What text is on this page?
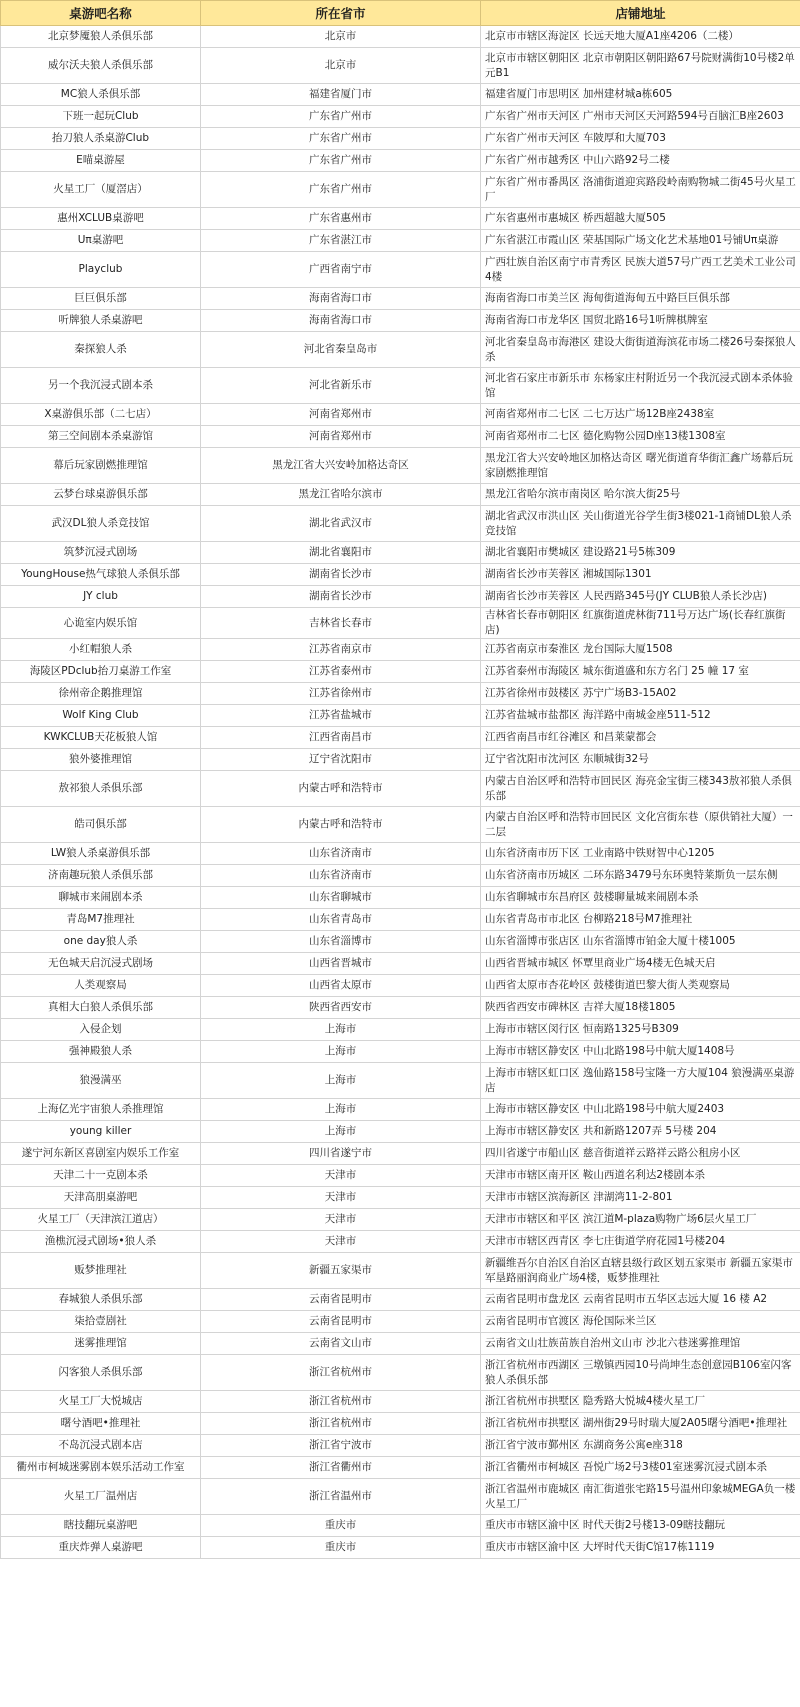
桌游吧名称	所在省市	店铺地址
北京梦魇狼人杀俱乐部	北京市	北京市市辖区海淀区 长远天地大厦A1座4206（二楼）
威尔沃夫狼人杀俱乐部	北京市	北京市市辖区朝阳区 北京市朝阳区朝阳路67号院财满街10号楼2单元B1
MC狼人杀俱乐部	福建省厦门市	福建省厦门市思明区 加州建材城a栋605
下班一起玩Club	广东省广州市	广东省广州市天河区 广州市天河区天河路594号百脑汇B座2603
抬刀狼人杀桌游Club	广东省广州市	广东省广州市天河区 车陂厚和大厦703
E喵桌游屋	广东省广州市	广东省广州市越秀区 中山六路92号二楼
火星工厂（厦滘店）	广东省广州市	广东省广州市番禺区 洛浦街道迎宾路段岭南购物城二街45号火星工厂
惠州XCLUB桌游吧	广东省惠州市	广东省惠州市惠城区 桥西超越大厦505
Uπ桌游吧	广东省湛江市	广东省湛江市霞山区 荣基国际广场文化艺术基地01号铺Uπ桌游
Playclub	广西省南宁市	广西壮族自治区南宁市青秀区 民族大道57号广西工艺美术工业公司4楼
巨巨俱乐部	海南省海口市	海南省海口市美兰区 海甸街道海甸五中路巨巨俱乐部
听牌狼人杀桌游吧	海南省海口市	海南省海口市龙华区 国贸北路16号1听牌棋牌室
秦探狼人杀	河北省秦皇岛市	河北省秦皇岛市海港区 建设大街街道海滨花市场二楼26号秦探狼人杀
另一个我沉浸式剧本杀	河北省新乐市	河北省石家庄市新乐市 东杨家庄村附近另一个我沉浸式剧本杀体验馆
X桌游俱乐部（二七店）	河南省郑州市	河南省郑州市二七区 二七万达广场12B座2438室
第三空间剧本杀桌游馆	河南省郑州市	河南省郑州市二七区 德化购物公园D座13楼1308室
幕后玩家剧燃推理馆	黑龙江省大兴安岭加格达奇区	黑龙江省大兴安岭地区加格达奇区 曙光街道育华街汇鑫广场幕后玩家剧燃推理馆
云梦台球桌游俱乐部	黑龙江省哈尔滨市	黑龙江省哈尔滨市南岗区 哈尔滨大街25号
武汉DL狼人杀竞技馆	湖北省武汉市	湖北省武汉市洪山区 关山街道光谷学生街3楼021-1商铺DL狼人杀竞技馆
筑梦沉浸式剧场	湖北省襄阳市	湖北省襄阳市樊城区 建设路21号5栋309
YoungHouse热气球狼人杀俱乐部	湖南省长沙市	湖南省长沙市芙蓉区 湘城国际1301
JY club	湖南省长沙市	湖南省长沙市芙蓉区 人民西路345号(JY CLUB狼人杀长沙店)
心诡室内娱乐馆	吉林省长春市	吉林省长春市朝阳区 红旗街道虎林街711号万达广场(长春红旗街店)
小红帽狼人杀	江苏省南京市	江苏省南京市秦淮区 龙台国际大厦1508
海陵区PDclub抬刀桌游工作室	江苏省泰州市	江苏省泰州市海陵区 城东街道盛和东方名门 25 幢 17 室
徐州帝企鹅推理馆	江苏省徐州市	江苏省徐州市鼓楼区 苏宁广场B3-15A02
Wolf King Club	江苏省盐城市	江苏省盐城市盐都区 海洋路中南城金座511-512
KWKCLUB天花板狼人馆	江西省南昌市	江西省南昌市红谷滩区 和昌莱蒙都会
狼外婆推理馆	辽宁省沈阳市	辽宁省沈阳市沈河区 东顺城街32号
敖祁狼人杀俱乐部	内蒙古呼和浩特市	内蒙古自治区呼和浩特市回民区 海亮金宝街三楼343敖祁狼人杀俱乐部
皓司俱乐部	内蒙古呼和浩特市	内蒙古自治区呼和浩特市回民区 文化宫街东巷（原供销社大厦）一二层
LW狼人杀桌游俱乐部	山东省济南市	山东省济南市历下区 工业南路中铁财智中心1205
济南趣玩狼人杀俱乐部	山东省济南市	山东省济南市历城区 二环东路3479号东环奥特莱斯负一层东侧
聊城市来闹剧本杀	山东省聊城市	山东省聊城市东昌府区 鼓楼聊量城来闹剧本杀
青岛M7推理社	山东省青岛市	山东省青岛市市北区 台柳路218号M7推理社
one day狼人杀	山东省淄博市	山东省淄博市张店区 山东省淄博市铂金大厦十楼1005
无色城天启沉浸式剧场	山西省晋城市	山西省晋城市城区 怀覃里商业广场4楼无色城天启
人类观察局	山西省太原市	山西省太原市杏花岭区 鼓楼街道巴黎大街人类观察局
真相大白狼人杀俱乐部	陕西省西安市	陕西省西安市碑林区 吉祥大厦18楼1805
入侵企划	上海市	上海市市辖区闵行区 恒南路1325号B309
强神殿狼人杀	上海市	上海市市辖区静安区 中山北路198号中航大厦1408号
狼漫满巫	上海市	上海市市辖区虹口区 逸仙路158号宝隆一方大厦104 狼漫满巫桌游店
上海亿光宇宙狼人杀推理馆	上海市	上海市市辖区静安区 中山北路198号中航大厦2403
young killer	上海市	上海市市辖区静安区 共和新路1207弄 5号楼 204
遂宁河东新区喜剧室内娱乐工作室	四川省遂宁市	四川省遂宁市船山区 慈音街道祥云路祥云路公租房小区
天津二十一克剧本杀	天津市	天津市市辖区南开区 鞍山西道名利达2楼剧本杀
天津高朋桌游吧	天津市	天津市市辖区滨海新区 津湖湾11-2-801
火星工厂（天津滨江道店）	天津市	天津市市辖区和平区 滨江道M-plaza购物广场6层火星工厂
渔樵沉浸式剧场•狼人杀	天津市	天津市市辖区西青区 李七庄街道学府花园1号楼204
贩梦推理社	新疆五家渠市	新疆维吾尔自治区自治区直辖县级行政区划五家渠市 新疆五家渠市军垦路丽润商业广场4楼，贩梦推理社
春城狼人杀俱乐部	云南省昆明市	云南省昆明市盘龙区 云南省昆明市五华区志远大厦 16 楼 A2
柒拾壹剧社	云南省昆明市	云南省昆明市官渡区 海伦国际米兰区
迷雾推理馆	云南省文山市	云南省文山壮族苗族自治州文山市 沙北六巷迷雾推理馆
闪客狼人杀俱乐部	浙江省杭州市	浙江省杭州市西湖区 三墩镇西园10号尚坤生态创意园B106室闪客狼人杀俱乐部
火星工厂大悦城店	浙江省杭州市	浙江省杭州市拱墅区 隐秀路大悦城4楼火星工厂
曙兮酒吧•推理社	浙江省杭州市	浙江省杭州市拱墅区 湖州街29号时瑞大厦2A05曙兮酒吧•推理社
不岛沉浸式剧本店	浙江省宁波市	浙江省宁波市鄞州区 东湖商务公寓e座318
衢州市柯城迷雾剧本娱乐活动工作室	浙江省衢州市	浙江省衢州市柯城区 吾悦广场2号3楼01室迷雾沉浸式剧本杀
火星工厂温州店	浙江省温州市	浙江省温州市鹿城区 南汇街道张宅路15号温州印象城MEGA负一楼火星工厂
瞎技翻玩桌游吧	重庆市	重庆市市辖区渝中区 时代天街2号楼13-09瞎技翻玩
重庆炸弹人桌游吧	重庆市	重庆市市辖区渝中区 大坪时代天街C馆17栋1119
